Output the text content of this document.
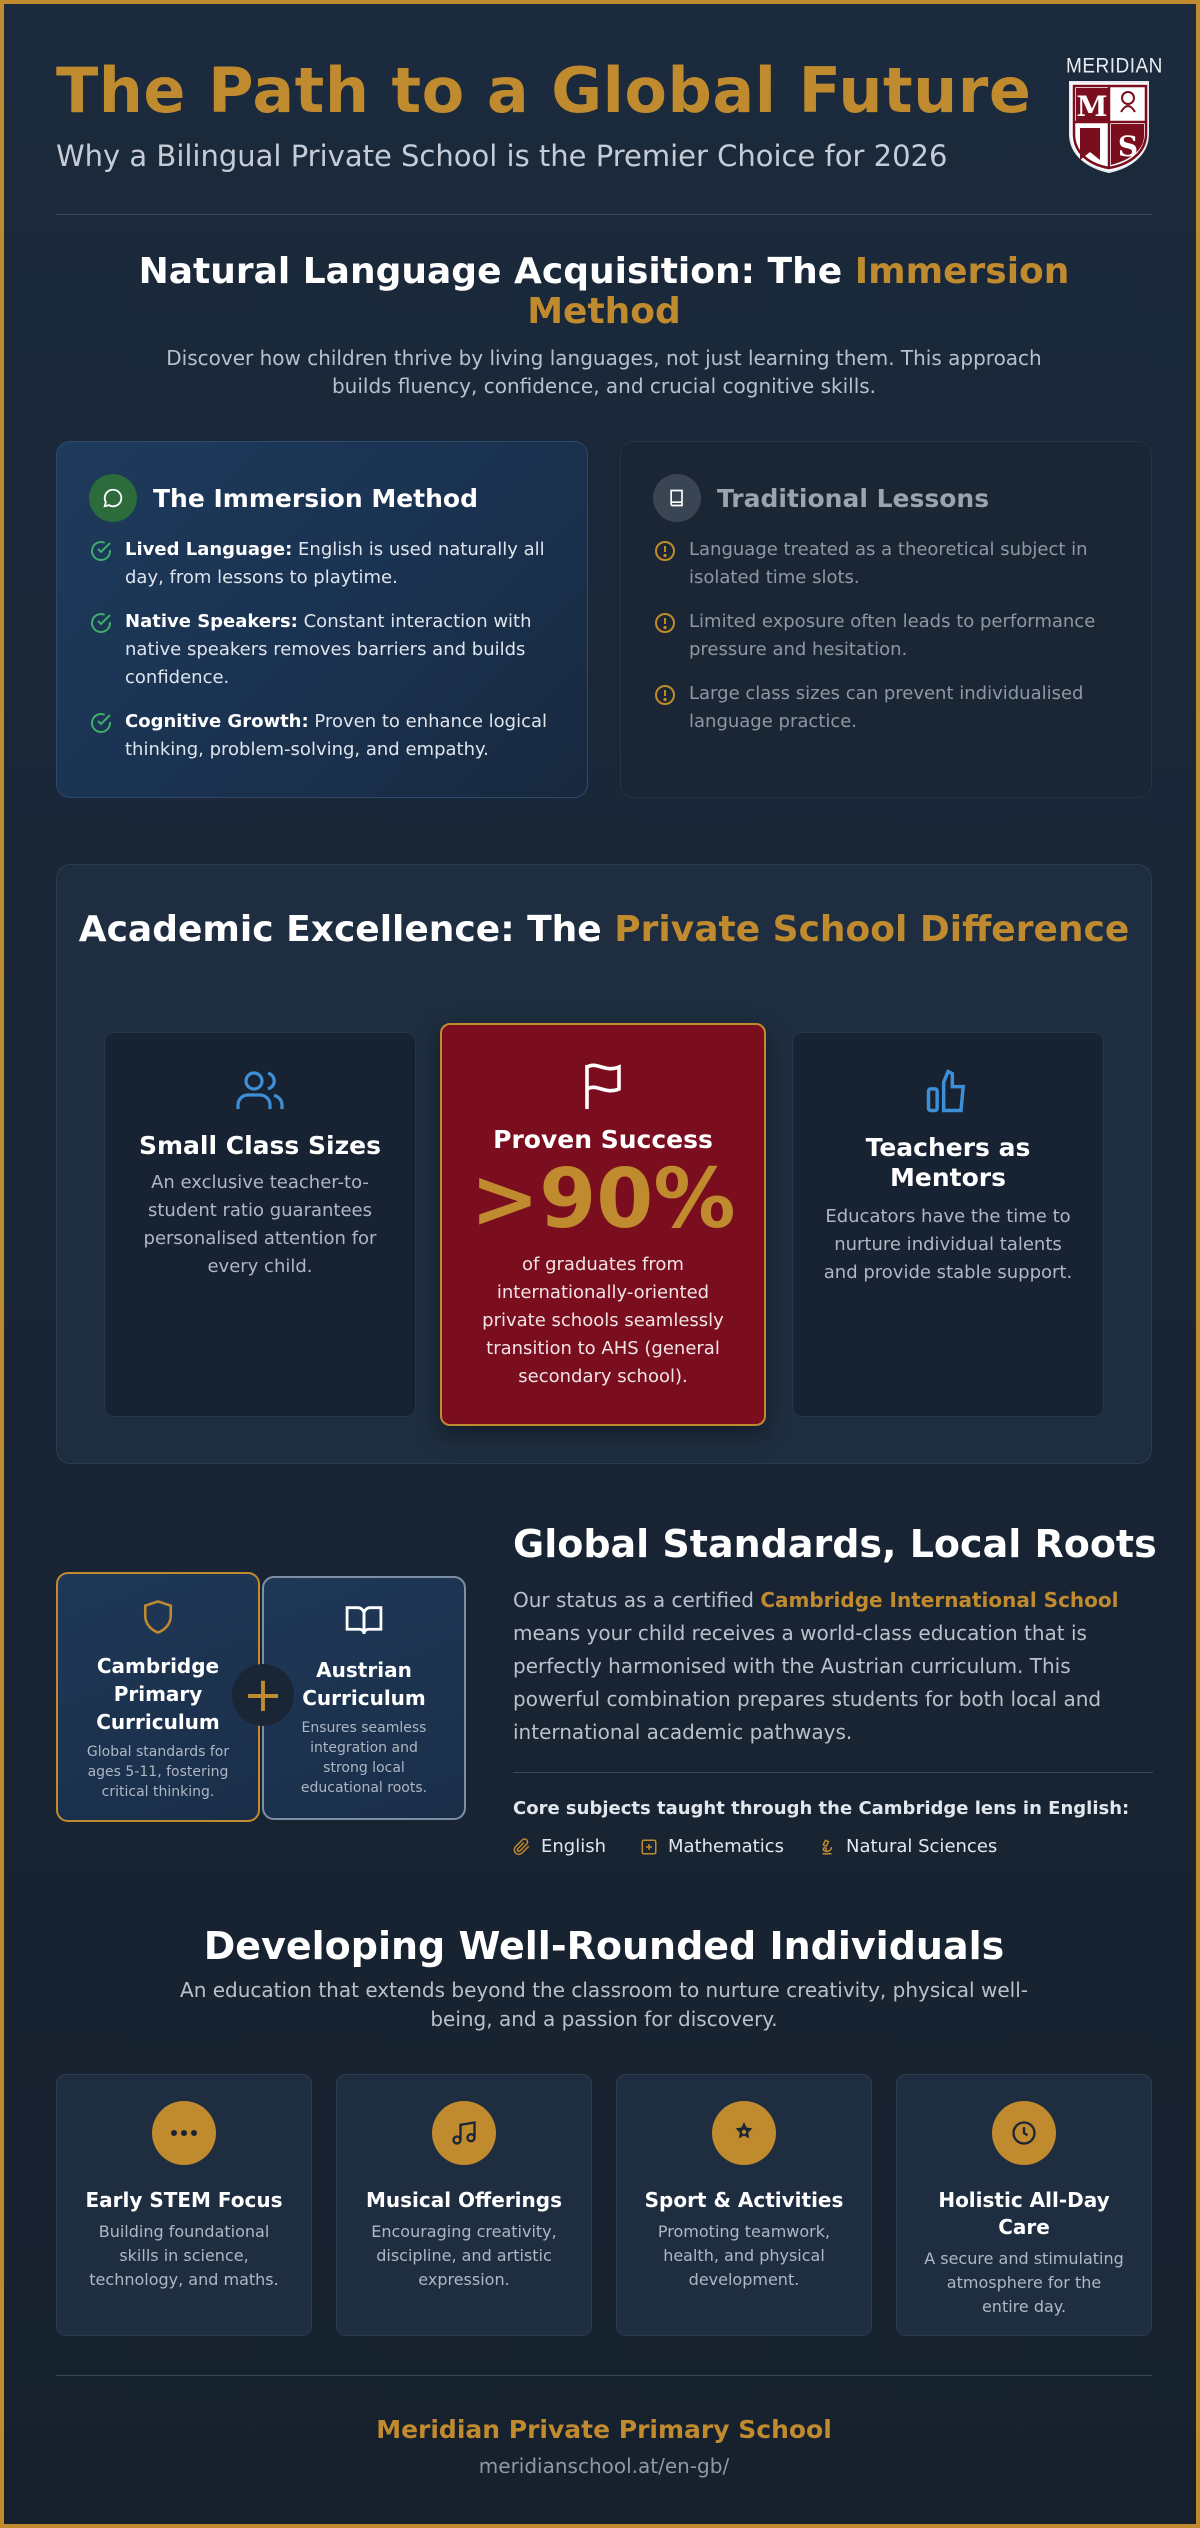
The Path to a Global Future
Why a Bilingual Private School is the Premier Choice for 2026
MERIDIAN
M
S
Natural Language Acquisition: The Immersion Method

Discover how children thrive by living languages, not just learning them. This approach builds fluency, confidence, and crucial cognitive skills.

The Immersion Method
Lived Language: English is used naturally all day, from lessons to playtime.
Native Speakers: Constant interaction with native speakers removes barriers and builds confidence.
Cognitive Growth: Proven to enhance logical thinking, problem-solving, and empathy.
Traditional Lessons
Language treated as a theoretical subject in isolated time slots.
Limited exposure often leads to performance pressure and hesitation.
Large class sizes can prevent individualised language practice.
Academic Excellence: The Private School Difference
Small Class Sizes
An exclusive teacher-to-student ratio guarantees personalised attention for every child.
Proven Success
>90%
of graduates from internationally-oriented private schools seamlessly transition to AHS (general secondary school).
Teachers as Mentors
Educators have the time to nurture individual talents and provide stable support.
Cambridge Primary Curriculum
Global standards for ages 5-11, fostering critical thinking.
Austrian Curriculum
Ensures seamless integration and strong local educational roots.
+
Global Standards, Local Roots

Our status as a certified Cambridge International School means your child receives a world-class education that is perfectly harmonised with the Austrian curriculum. This powerful combination prepares students for both local and international academic pathways.

Core subjects taught through the Cambridge lens in English:
English	Mathematics	Natural Sciences
Developing Well-Rounded Individuals

An education that extends beyond the classroom to nurture creativity, physical well-being, and a passion for discovery.

Early STEM Focus
Building foundational skills in science, technology, and maths.
Musical Offerings
Encouraging creativity, discipline, and artistic expression.
Sport & Activities
Promoting teamwork, health, and physical development.
Holistic All-Day Care
A secure and stimulating atmosphere for the entire day.
Meridian Private Primary School
meridianschool.at/en-gb/
